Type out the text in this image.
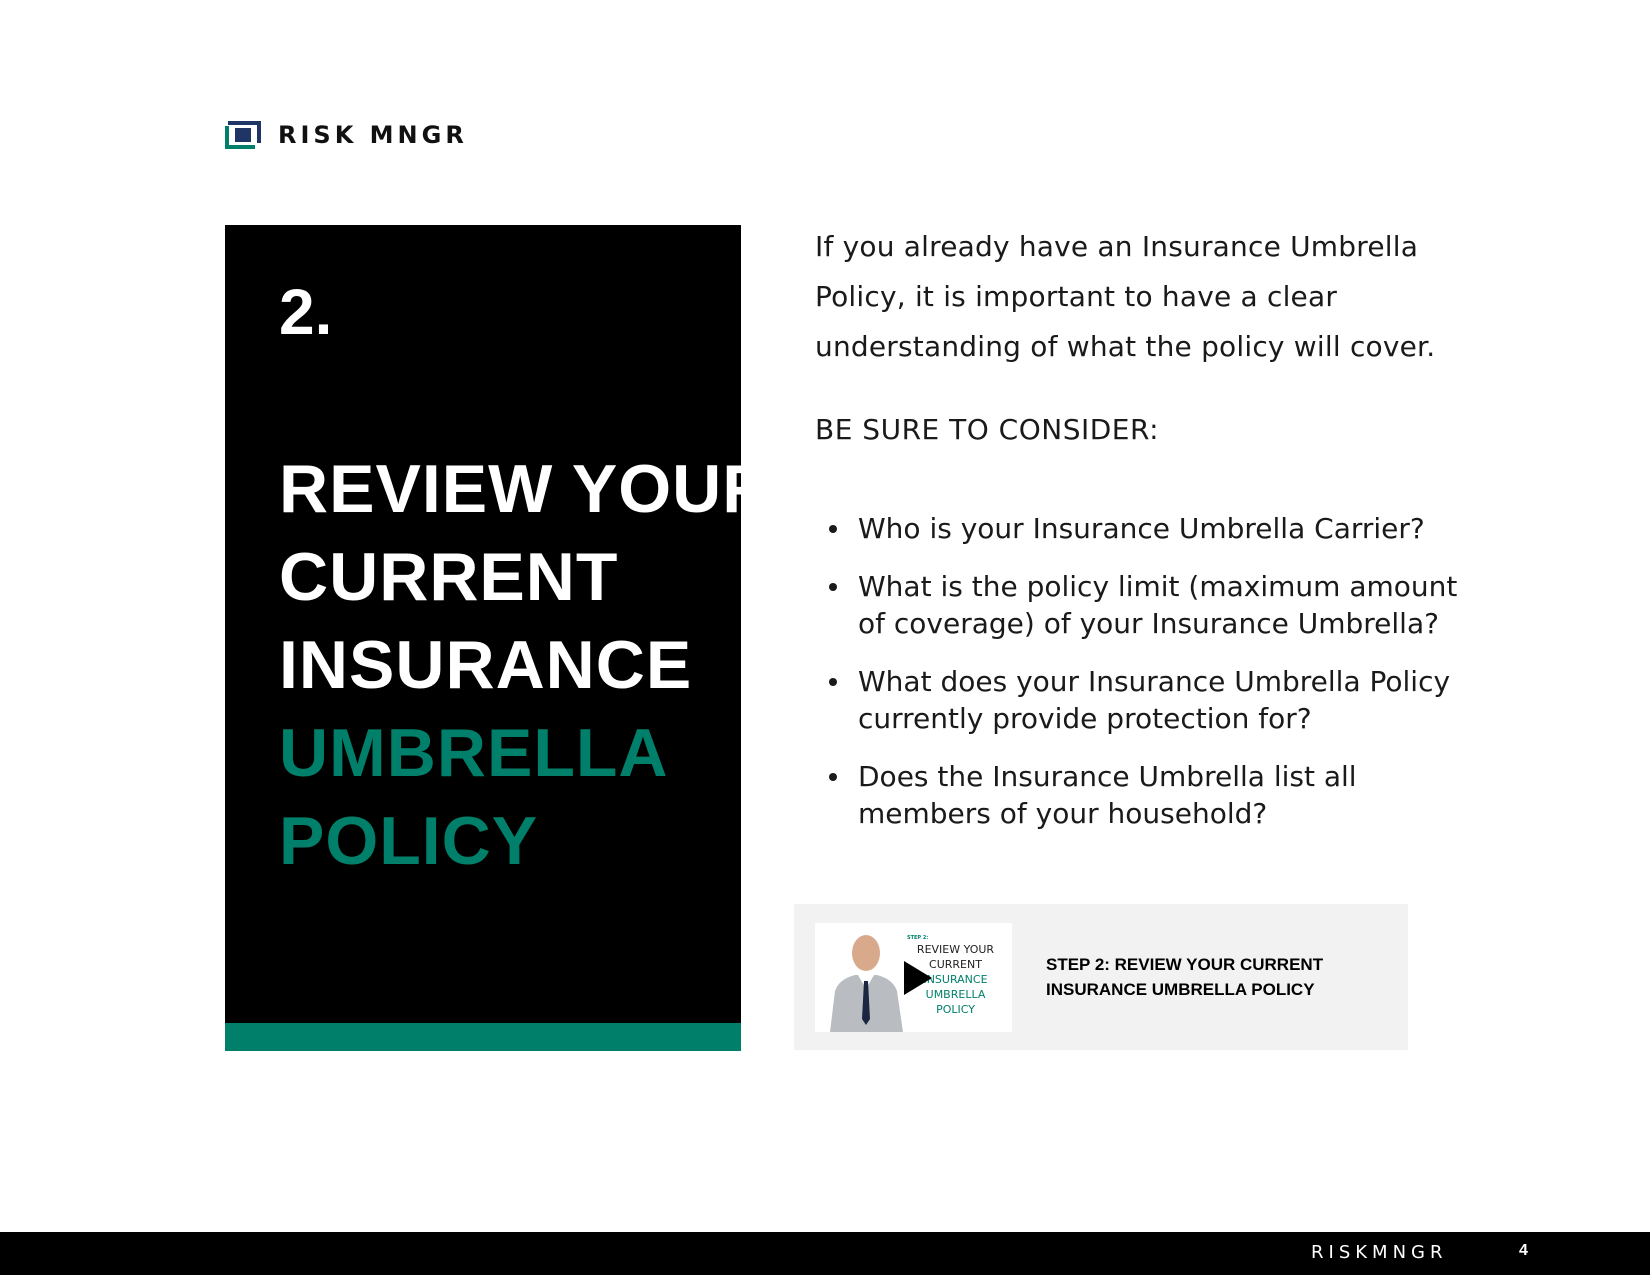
RISK MNGR
2.
REVIEW YOUR
CURRENT
INSURANCE
UMBRELLA
POLICY
If you already have an Insurance Umbrella Policy, it is important to have a clear understanding of what the policy will cover.
BE SURE TO CONSIDER:
Who is your Insurance Umbrella Carrier?
What is the policy limit (maximum amount of coverage) of your Insurance Umbrella?
What does your Insurance Umbrella Policy currently provide protection for?
Does the Insurance Umbrella list all members of your household?
STEP 2:
REVIEW YOUR
CURRENT
INSURANCE
UMBRELLA
POLICY
STEP 2: REVIEW YOUR CURRENT INSURANCE UMBRELLA POLICY
RISKMNGR	4
